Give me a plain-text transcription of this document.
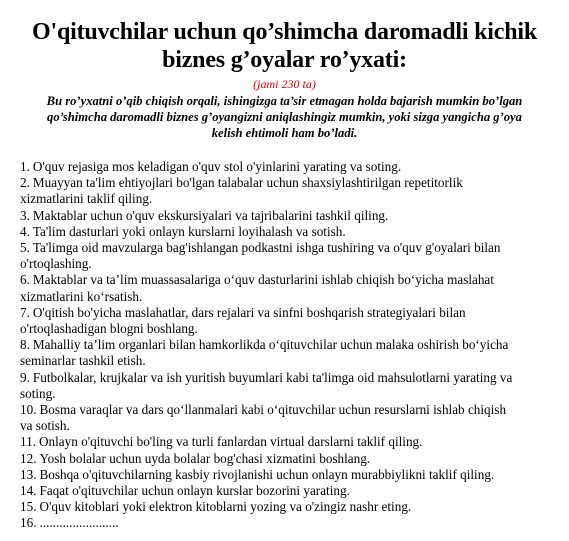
O'qituvchilar uchun qo’shimcha daromadli kichik
biznes g’oyalar ro’yxati:
(jami 230 ta)
Bu ro’yxatni o’qib chiqish orqali, ishingizga ta’sir etmagan holda bajarish mumkin bo’lgan
qo’shimcha daromadli biznes g’oyangizni aniqlashingiz mumkin, yoki sizga yangicha g’oya
kelish ehtimoli ham bo’ladi.
1. O'quv rejasiga mos keladigan o'quv stol o'yinlarini yarating va soting.
2. Muayyan ta'lim ehtiyojlari bo'lgan talabalar uchun shaxsiylashtirilgan repetitorlik
xizmatlarini taklif qiling.
3. Maktablar uchun o'quv ekskursiyalari va tajribalarini tashkil qiling.
4. Ta'lim dasturlari yoki onlayn kurslarni loyihalash va sotish.
5. Ta'limga oid mavzularga bag'ishlangan podkastni ishga tushiring va o'quv g'oyalari bilan
o'rtoqlashing.
6. Maktablar va ta’lim muassasalariga o‘quv dasturlarini ishlab chiqish bo‘yicha maslahat
xizmatlarini ko‘rsatish.
7. O'qitish bo'yicha maslahatlar, dars rejalari va sinfni boshqarish strategiyalari bilan
o'rtoqlashadigan blogni boshlang.
8. Mahalliy ta’lim organlari bilan hamkorlikda o‘qituvchilar uchun malaka oshirish bo‘yicha
seminarlar tashkil etish.
9. Futbolkalar, krujkalar va ish yuritish buyumlari kabi ta'limga oid mahsulotlarni yarating va
soting.
10. Bosma varaqlar va dars qo‘llanmalari kabi o‘qituvchilar uchun resurslarni ishlab chiqish
va sotish.
11. Onlayn o'qituvchi bo'ling va turli fanlardan virtual darslarni taklif qiling.
12. Yosh bolalar uchun uyda bolalar bog'chasi xizmatini boshlang.
13. Boshqa o'qituvchilarning kasbiy rivojlanishi uchun onlayn murabbiylikni taklif qiling.
14. Faqat o'qituvchilar uchun onlayn kurslar bozorini yarating.
15. O'quv kitoblari yoki elektron kitoblarni yozing va o'zingiz nashr eting.
16. ........................
